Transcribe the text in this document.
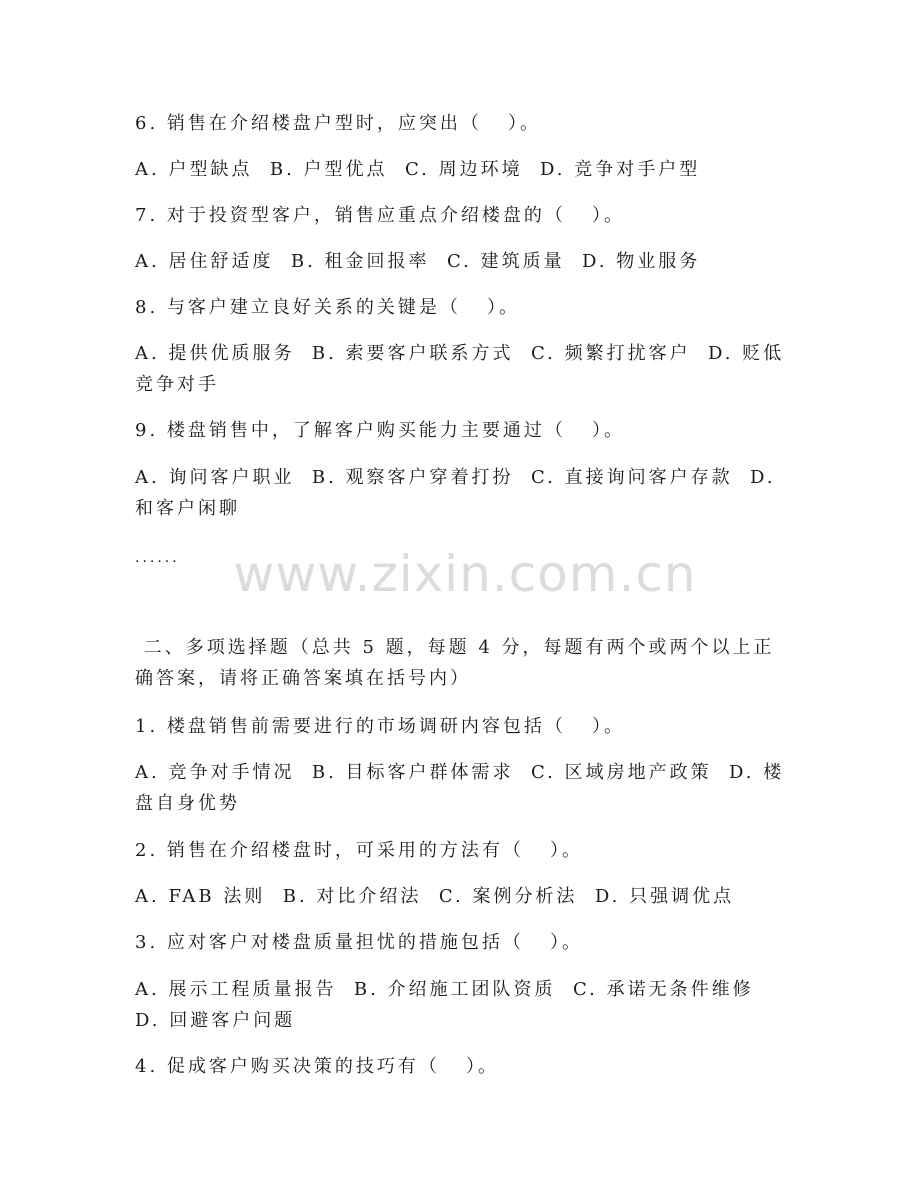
6. 销售在介绍楼盘户型时，应突出（   ）。
A. 户型缺点  B. 户型优点  C. 周边环境  D. 竞争对手户型
7. 对于投资型客户，销售应重点介绍楼盘的（   ）。
A. 居住舒适度  B. 租金回报率  C. 建筑质量  D. 物业服务
8. 与客户建立良好关系的关键是（   ）。
A. 提供优质服务  B. 索要客户联系方式  C. 频繁打扰客户  D. 贬低竞争对手
9. 楼盘销售中，了解客户购买能力主要通过（   ）。
A. 询问客户职业  B. 观察客户穿着打扮  C. 直接询问客户存款  D. 和客户闲聊
......
二、多项选择题（总共 5 题，每题 4 分，每题有两个或两个以上正确答案，请将正确答案填在括号内）
1. 楼盘销售前需要进行的市场调研内容包括（   ）。
A. 竞争对手情况  B. 目标客户群体需求  C. 区域房地产政策  D. 楼盘自身优势
2. 销售在介绍楼盘时，可采用的方法有（   ）。
A. FAB 法则  B. 对比介绍法  C. 案例分析法  D. 只强调优点
3. 应对客户对楼盘质量担忧的措施包括（   ）。
A. 展示工程质量报告  B. 介绍施工团队资质  C. 承诺无条件维修  D. 回避客户问题
4. 促成客户购买决策的技巧有（   ）。
www.zixin.com.cn
